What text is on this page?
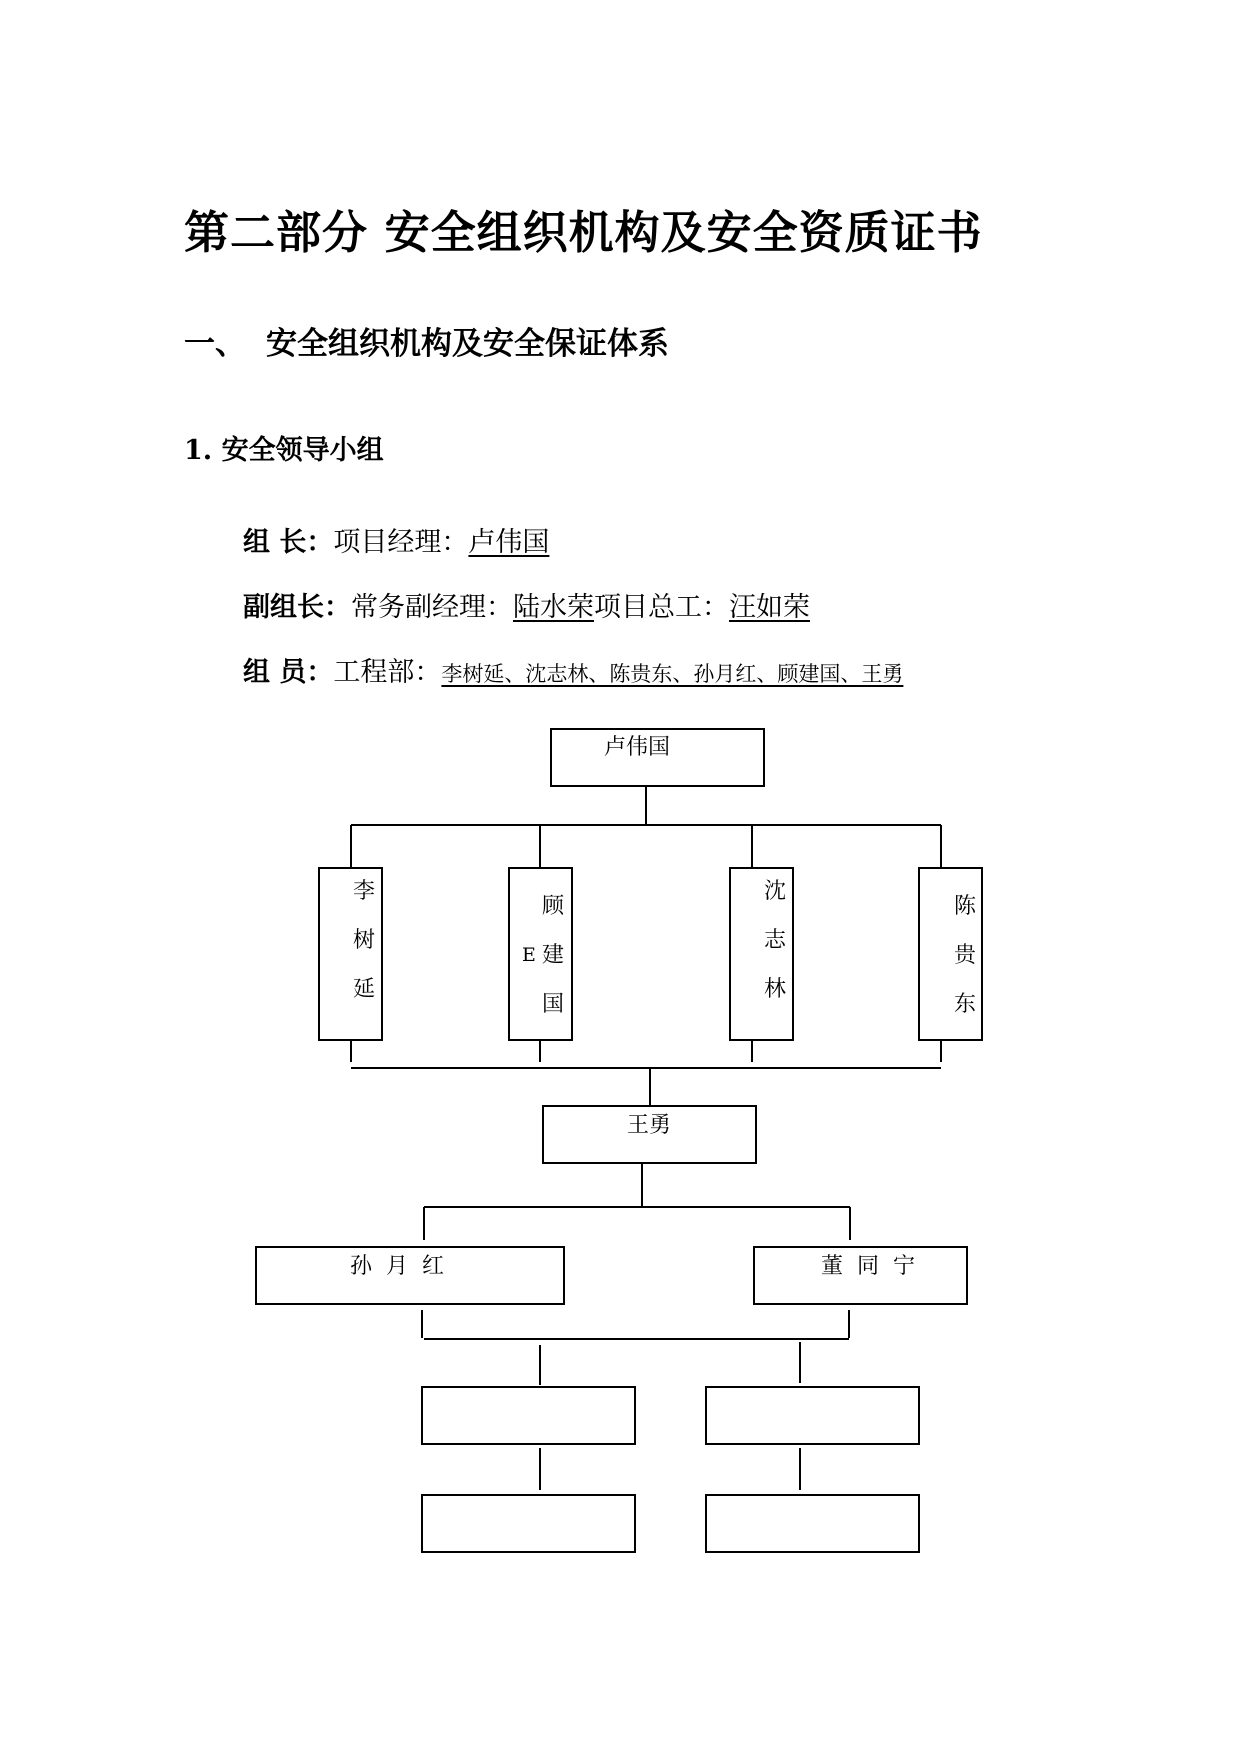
第二部分 安全组织机构及安全资质证书
一、 安全组织机构及安全保证体系
1. 安全领导小组
组 长：项目经理：卢伟国
副组长：常务副经理：陆水荣项目总工：汪如荣
组 员：工程部：李树延、沈志林、陈贵东、孙月红、顾建国、王勇
卢伟国
李树延
顾建国
E
沈志林
陈贵东
王勇
孙  月  红	董  同  宁
